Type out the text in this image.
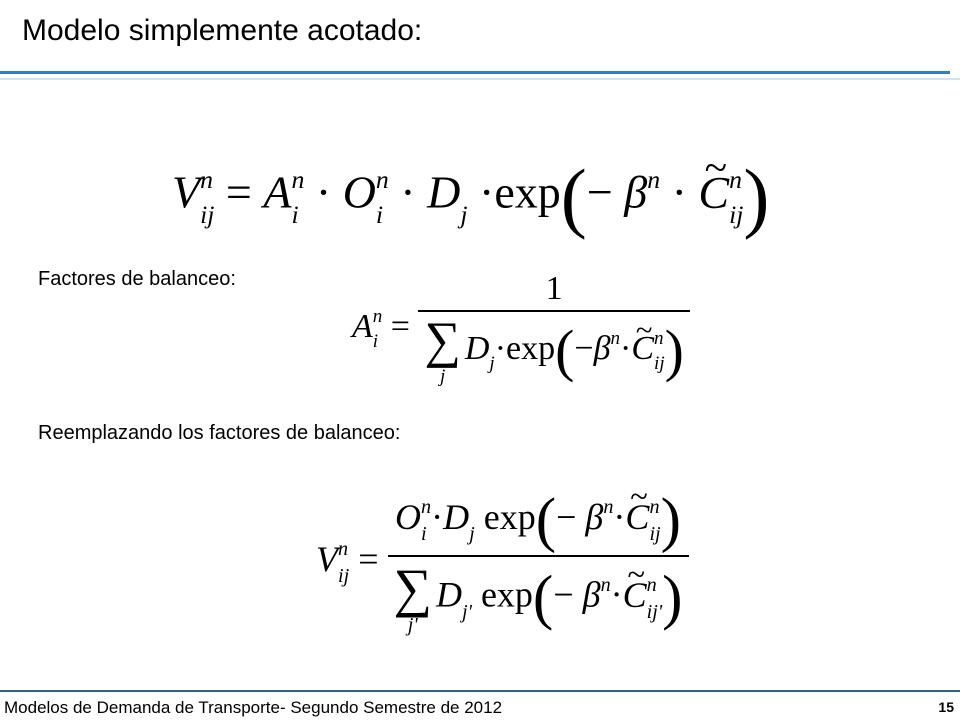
Modelo simplemente acotado:
V n
ij = A n
i · O n
i · D
j ·exp(− β n
· ~ C n
ij )
Factores de balanceo:
A n
i = 1
∑
j
D
j ·exp(−β n
·~ C n
ij )
Reemplazando los factores de balanceo:
V n
ij = O n
i ·D
j exp(− β n
·~ C n
ij )
∑
j'
D
j' exp(− β n
·~ C n
ij' )
Modelos de Demanda de Transporte- Segundo Semestre de 2012	15
